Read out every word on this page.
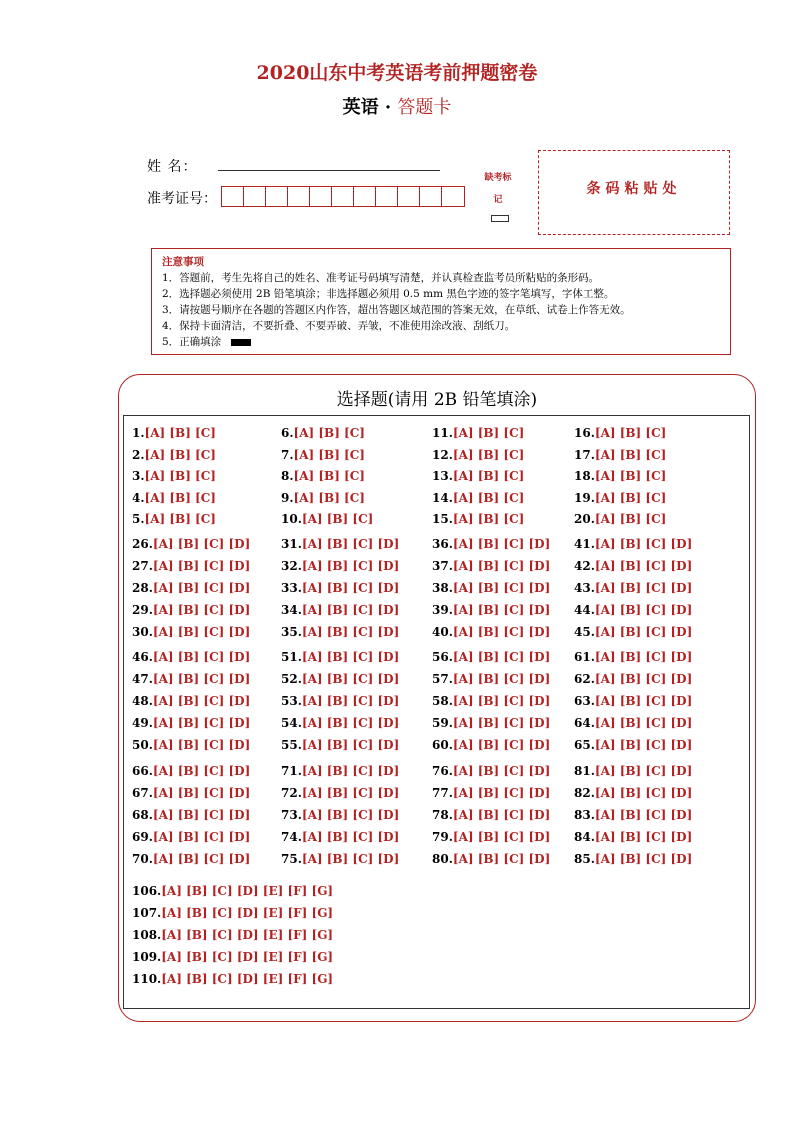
2020山东中考英语考前押题密卷
英语 · 答题卡
姓 名：
准考证号：
缺考标记
条码粘贴处
注意事项
1．答题前，考生先将自己的姓名、准考证号码填写清楚，并认真检查监考员所粘贴的条形码。
2．选择题必须使用 2B 铅笔填涂；非选择题必须用 0.5 mm 黑色字迹的签字笔填写，字体工整。
3．请按题号顺序在各题的答题区内作答，超出答题区域范围的答案无效，在草纸、试卷上作答无效。
4．保持卡面清洁，不要折叠、不要弄破、弄皱，不准使用涂改液、刮纸刀。
5．正确填涂
选择题(请用 2B 铅笔填涂)
1.[A] [B] [C]	6.[A] [B] [C]	11.[A] [B] [C]	16.[A] [B] [C]
2.[A] [B] [C]	7.[A] [B] [C]	12.[A] [B] [C]	17.[A] [B] [C]
3.[A] [B] [C]	8.[A] [B] [C]	13.[A] [B] [C]	18.[A] [B] [C]
4.[A] [B] [C]	9.[A] [B] [C]	14.[A] [B] [C]	19.[A] [B] [C]
5.[A] [B] [C]	10.[A] [B] [C]	15.[A] [B] [C]	20.[A] [B] [C]
26.[A] [B] [C] [D]	31.[A] [B] [C] [D]	36.[A] [B] [C] [D] 41.[A] [B] [C] [D]
27.[A] [B] [C] [D]	32.[A] [B] [C] [D]	37.[A] [B] [C] [D] 42.[A] [B] [C] [D]
28.[A] [B] [C] [D]	33.[A] [B] [C] [D]	38.[A] [B] [C] [D] 43.[A] [B] [C] [D]
29.[A] [B] [C] [D]	34.[A] [B] [C] [D]	39.[A] [B] [C] [D] 44.[A] [B] [C] [D]
30.[A] [B] [C] [D]	35.[A] [B] [C] [D]	40.[A] [B] [C] [D] 45.[A] [B] [C] [D]
46.[A] [B] [C] [D]	51.[A] [B] [C] [D]	56.[A] [B] [C] [D] 61.[A] [B] [C] [D]
47.[A] [B] [C] [D]	52.[A] [B] [C] [D]	57.[A] [B] [C] [D] 62.[A] [B] [C] [D]
48.[A] [B] [C] [D]	53.[A] [B] [C] [D]	58.[A] [B] [C] [D] 63.[A] [B] [C] [D]
49.[A] [B] [C] [D]	54.[A] [B] [C] [D]	59.[A] [B] [C] [D] 64.[A] [B] [C] [D]
50.[A] [B] [C] [D]	55.[A] [B] [C] [D]	60.[A] [B] [C] [D] 65.[A] [B] [C] [D]
66.[A] [B] [C] [D]	71.[A] [B] [C] [D]	76.[A] [B] [C] [D] 81.[A] [B] [C] [D]
67.[A] [B] [C] [D]	72.[A] [B] [C] [D]	77.[A] [B] [C] [D] 82.[A] [B] [C] [D]
68.[A] [B] [C] [D]	73.[A] [B] [C] [D]	78.[A] [B] [C] [D] 83.[A] [B] [C] [D]
69.[A] [B] [C] [D]	74.[A] [B] [C] [D]	79.[A] [B] [C] [D] 84.[A] [B] [C] [D]
70.[A] [B] [C] [D]	75.[A] [B] [C] [D]	80.[A] [B] [C] [D] 85.[A] [B] [C] [D]
106.[A] [B] [C] [D] [E] [F] [G]
107.[A] [B] [C] [D] [E] [F] [G]
108.[A] [B] [C] [D] [E] [F] [G]
109.[A] [B] [C] [D] [E] [F] [G]
110.[A] [B] [C] [D] [E] [F] [G]
